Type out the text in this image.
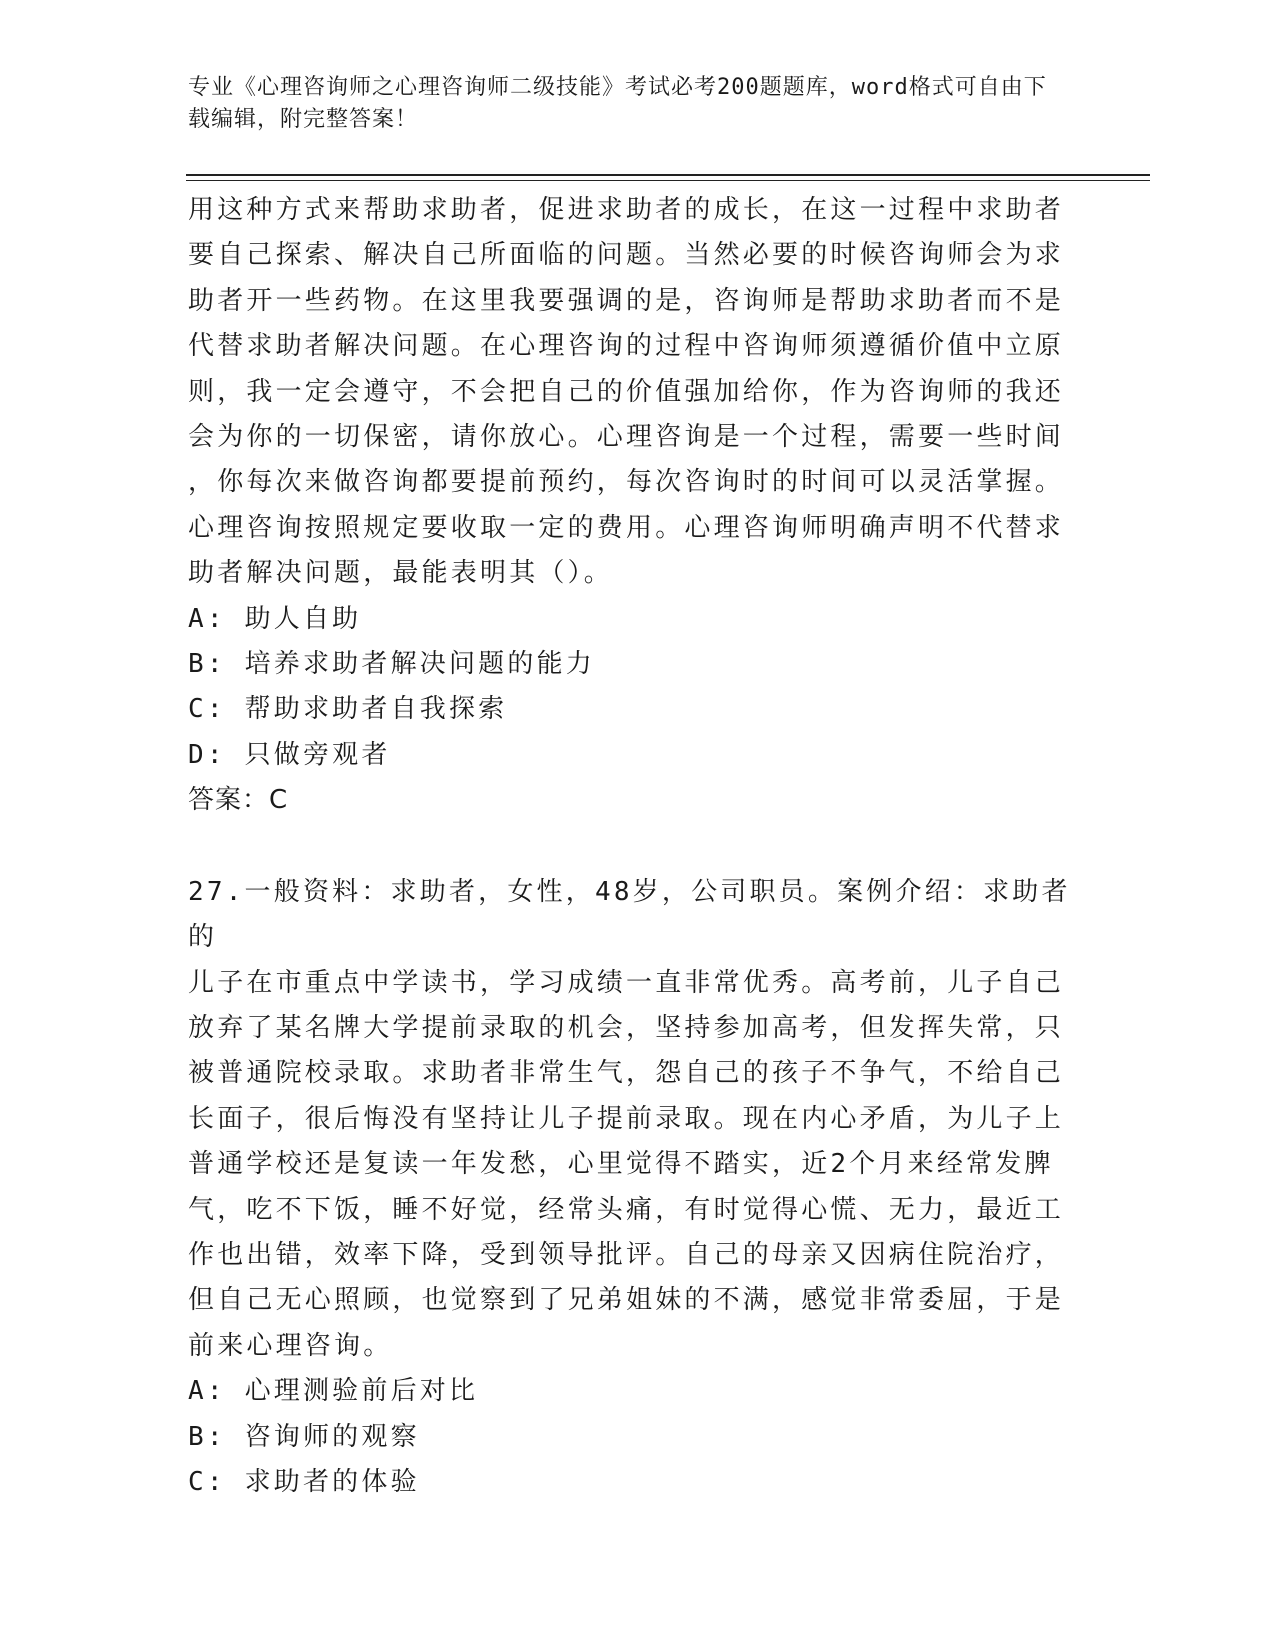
专业《心理咨询师之心理咨询师二级技能》考试必考200题题库，word格式可自由下载编辑，附完整答案！

用这种方式来帮助求助者，促进求助者的成长，在这一过程中求助者

要自己探索、解决自己所面临的问题。当然必要的时候咨询师会为求

助者开一些药物。在这里我要强调的是，咨询师是帮助求助者而不是

代替求助者解决问题。在心理咨询的过程中咨询师须遵循价值中立原

则，我一定会遵守，不会把自己的价值强加给你，作为咨询师的我还

会为你的一切保密，请你放心。心理咨询是一个过程，需要一些时间

，你每次来做咨询都要提前预约，每次咨询时的时间可以灵活掌握。

心理咨询按照规定要收取一定的费用。心理咨询师明确声明不代替求

助者解决问题，最能表明其（）。

A: 助人自助

B: 培养求助者解决问题的能力

C: 帮助求助者自我探索

D: 只做旁观者

答案：C

27.一般资料：求助者，女性，48岁，公司职员。案例介绍：求助者的

儿子在市重点中学读书，学习成绩一直非常优秀。高考前，儿子自己

放弃了某名牌大学提前录取的机会，坚持参加高考，但发挥失常，只

被普通院校录取。求助者非常生气，怨自己的孩子不争气，不给自己

长面子，很后悔没有坚持让儿子提前录取。现在内心矛盾，为儿子上

普通学校还是复读一年发愁，心里觉得不踏实，近2个月来经常发脾

气，吃不下饭，睡不好觉，经常头痛，有时觉得心慌、无力，最近工

作也出错，效率下降，受到领导批评。自己的母亲又因病住院治疗，

但自己无心照顾，也觉察到了兄弟姐妹的不满，感觉非常委屈，于是

前来心理咨询。

A: 心理测验前后对比

B: 咨询师的观察

C: 求助者的体验
